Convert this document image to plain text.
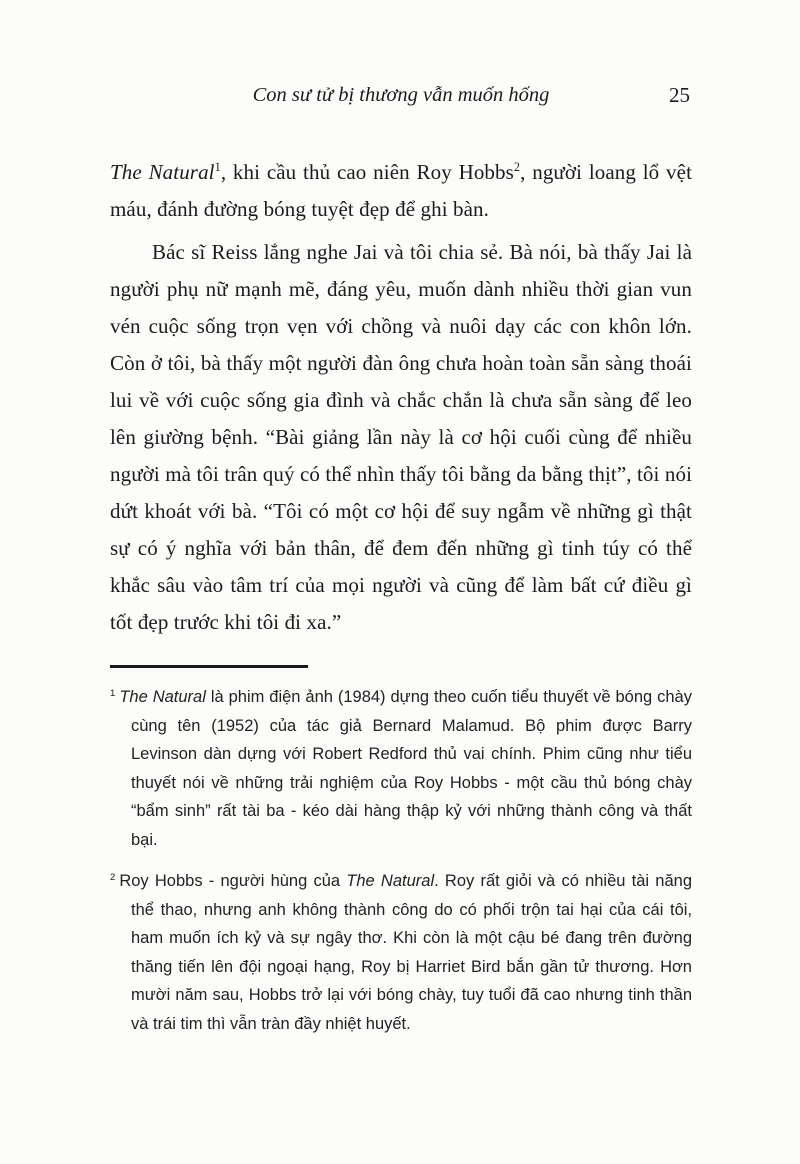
Con sư tử bị thương vẫn muốn hống	25

The Natural$^1$, khi cầu thủ cao niên Roy Hobbs$^2$, người loang lổ vệt máu, đánh đường bóng tuyệt đẹp để ghi bàn.

Bác sĩ Reiss lắng nghe Jai và tôi chia sẻ. Bà nói, bà thấy Jai là người phụ nữ mạnh mẽ, đáng yêu, muốn dành nhiều thời gian vun vén cuộc sống trọn vẹn với chồng và nuôi dạy các con khôn lớn. Còn ở tôi, bà thấy một người đàn ông chưa hoàn toàn sẵn sàng thoái lui về với cuộc sống gia đình và chắc chắn là chưa sẵn sàng để leo lên giường bệnh. “Bài giảng lần này là cơ hội cuối cùng để nhiều người mà tôi trân quý có thể nhìn thấy tôi bằng da bằng thịt”, tôi nói dứt khoát với bà. “Tôi có một cơ hội để suy ngẫm về những gì thật sự có ý nghĩa với bản thân, để đem đến những gì tinh túy có thể khắc sâu vào tâm trí của mọi người và cũng để làm bất cứ điều gì tốt đẹp trước khi tôi đi xa.”

$^1$ The Natural là phim điện ảnh (1984) dựng theo cuốn tiểu thuyết về bóng chày cùng tên (1952) của tác giả Bernard Malamud. Bộ phim được Barry Levinson dàn dựng với Robert Redford thủ vai chính. Phim cũng như tiểu thuyết nói về những trải nghiệm của Roy Hobbs - một cầu thủ bóng chày “bẩm sinh” rất tài ba - kéo dài hàng thập kỷ với những thành công và thất bại.

$^2$ Roy Hobbs - người hùng của The Natural. Roy rất giỏi và có nhiều tài năng thể thao, nhưng anh không thành công do có phối trộn tai hại của cái tôi, ham muốn ích kỷ và sự ngây thơ. Khi còn là một cậu bé đang trên đường thăng tiến lên đội ngoại hạng, Roy bị Harriet Bird bắn gần tử thương. Hơn mười năm sau, Hobbs trở lại với bóng chày, tuy tuổi đã cao nhưng tinh thần và trái tim thì vẫn tràn đầy nhiệt huyết.
